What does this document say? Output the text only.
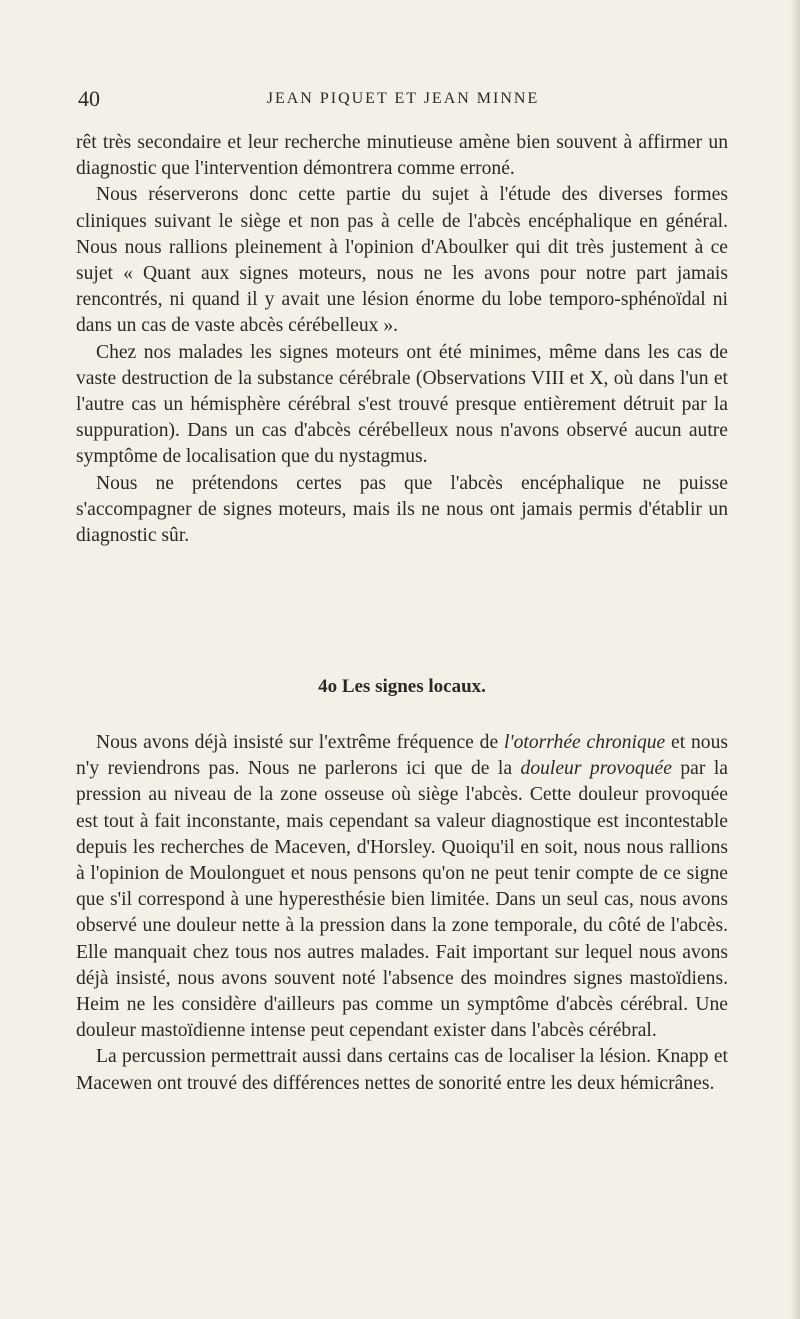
40	JEAN PIQUET ET JEAN MINNE

rêt très secondaire et leur recherche minutieuse amène bien souvent à affirmer un diagnostic que l'intervention démontrera comme erroné.

Nous réserverons donc cette partie du sujet à l'étude des diverses formes cliniques suivant le siège et non pas à celle de l'abcès encéphalique en général. Nous nous rallions pleinement à l'opinion d'Aboulker qui dit très justement à ce sujet « Quant aux signes moteurs, nous ne les avons pour notre part jamais rencontrés, ni quand il y avait une lésion énorme du lobe temporo-sphénoïdal ni dans un cas de vaste abcès cérébelleux ».

Chez nos malades les signes moteurs ont été minimes, même dans les cas de vaste destruction de la substance cérébrale (Observations VIII et X, où dans l'un et l'autre cas un hémisphère cérébral s'est trouvé presque entièrement détruit par la suppuration). Dans un cas d'abcès cérébelleux nous n'avons observé aucun autre symptôme de localisation que du nystagmus.

Nous ne prétendons certes pas que l'abcès encéphalique ne puisse s'accompagner de signes moteurs, mais ils ne nous ont jamais permis d'établir un diagnostic sûr.

4o Les signes locaux.

Nous avons déjà insisté sur l'extrême fréquence de l'otorrhée chronique et nous n'y reviendrons pas. Nous ne parlerons ici que de la douleur provoquée par la pression au niveau de la zone osseuse où siège l'abcès. Cette douleur provoquée est tout à fait inconstante, mais cependant sa valeur diagnostique est incontestable depuis les recherches de Maceven, d'Horsley. Quoiqu'il en soit, nous nous rallions à l'opinion de Moulonguet et nous pensons qu'on ne peut tenir compte de ce signe que s'il correspond à une hyperesthésie bien limitée. Dans un seul cas, nous avons observé une douleur nette à la pression dans la zone temporale, du côté de l'abcès. Elle manquait chez tous nos autres malades. Fait important sur lequel nous avons déjà insisté, nous avons souvent noté l'absence des moindres signes mastoïdiens. Heim ne les considère d'ailleurs pas comme un symptôme d'abcès cérébral. Une douleur mastoïdienne intense peut cependant exister dans l'abcès cérébral.

La percussion permettrait aussi dans certains cas de localiser la lésion. Knapp et Macewen ont trouvé des différences nettes de sonorité entre les deux hémicrânes.
